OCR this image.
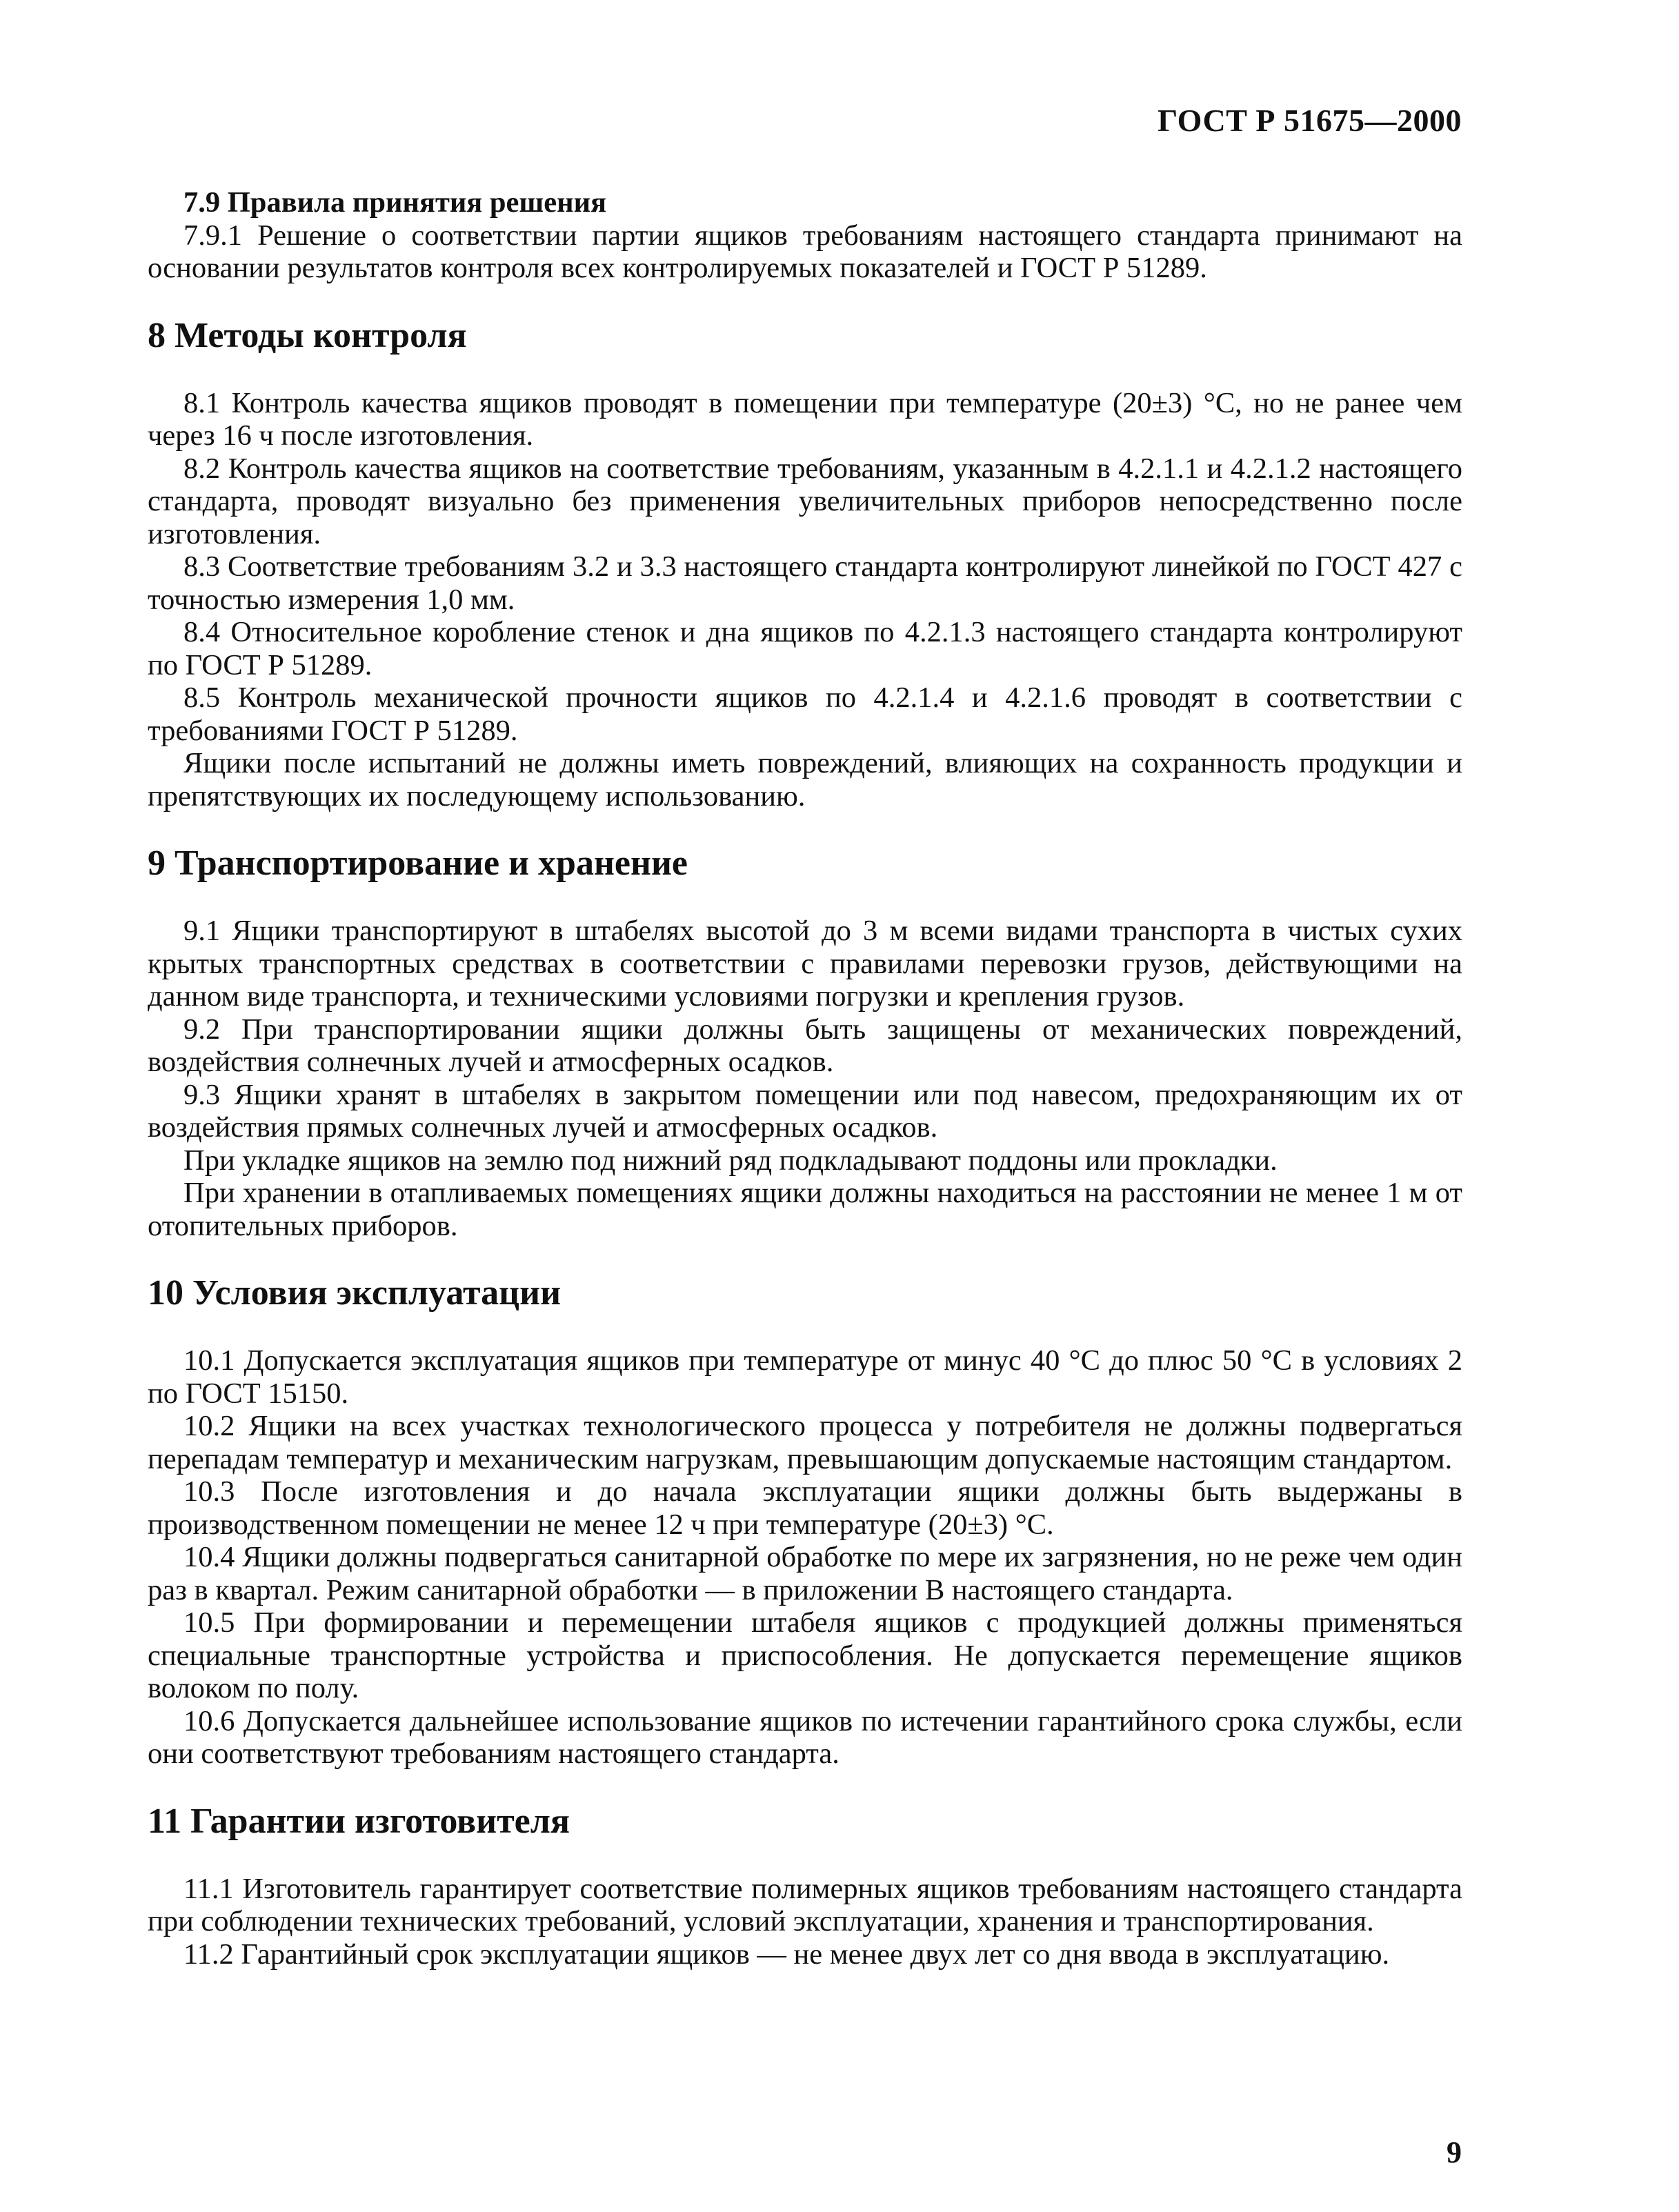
ГОСТ Р 51675—2000
7.9 Правила принятия решения

7.9.1 Решение о соответствии партии ящиков требованиям настоящего стандарта принимают на основании результатов контроля всех контролируемых показателей и ГОСТ Р 51289.

8 Методы контроля

8.1 Контроль качества ящиков проводят в помещении при температуре (20±3) °С, но не ранее чем через 16 ч после изготовления.

8.2 Контроль качества ящиков на соответствие требованиям, указанным в 4.2.1.1 и 4.2.1.2 настоящего стандарта, проводят визуально без применения увеличительных приборов непосредственно после изготовления.

8.3 Соответствие требованиям 3.2 и 3.3 настоящего стандарта контролируют линейкой по ГОСТ 427 с точностью измерения 1,0 мм.

8.4 Относительное коробление стенок и дна ящиков по 4.2.1.3 настоящего стандарта контролируют по ГОСТ Р 51289.

8.5 Контроль механической прочности ящиков по 4.2.1.4 и 4.2.1.6 проводят в соответствии с требованиями ГОСТ Р 51289.

Ящики после испытаний не должны иметь повреждений, влияющих на сохранность продукции и препятствующих их последующему использованию.

9 Транспортирование и хранение

9.1 Ящики транспортируют в штабелях высотой до 3 м всеми видами транспорта в чистых сухих крытых транспортных средствах в соответствии с правилами перевозки грузов, действующими на данном виде транспорта, и техническими условиями погрузки и крепления грузов.

9.2 При транспортировании ящики должны быть защищены от механических повреждений, воздействия солнечных лучей и атмосферных осадков.

9.3 Ящики хранят в штабелях в закрытом помещении или под навесом, предохраняющим их от воздействия прямых солнечных лучей и атмосферных осадков.

При укладке ящиков на землю под нижний ряд подкладывают поддоны или прокладки.

При хранении в отапливаемых помещениях ящики должны находиться на расстоянии не менее 1 м от отопительных приборов.

10 Условия эксплуатации

10.1 Допускается эксплуатация ящиков при температуре от минус 40 °С до плюс 50 °С в условиях 2 по ГОСТ 15150.

10.2 Ящики на всех участках технологического процесса у потребителя не должны подвергаться перепадам температур и механическим нагрузкам, превышающим допускаемые настоящим стандартом.

10.3 После изготовления и до начала эксплуатации ящики должны быть выдержаны в производственном помещении не менее 12 ч при температуре (20±3) °С.

10.4 Ящики должны подвергаться санитарной обработке по мере их загрязнения, но не реже чем один раз в квартал. Режим санитарной обработки — в приложении В настоящего стандарта.

10.5 При формировании и перемещении штабеля ящиков с продукцией должны применяться специальные транспортные устройства и приспособления. Не допускается перемещение ящиков волоком по полу.

10.6 Допускается дальнейшее использование ящиков по истечении гарантийного срока службы, если они соответствуют требованиям настоящего стандарта.

11 Гарантии изготовителя

11.1 Изготовитель гарантирует соответствие полимерных ящиков требованиям настоящего стандарта при соблюдении технических требований, условий эксплуатации, хранения и транспортирования.

11.2 Гарантийный срок эксплуатации ящиков — не менее двух лет со дня ввода в эксплуатацию.

9
